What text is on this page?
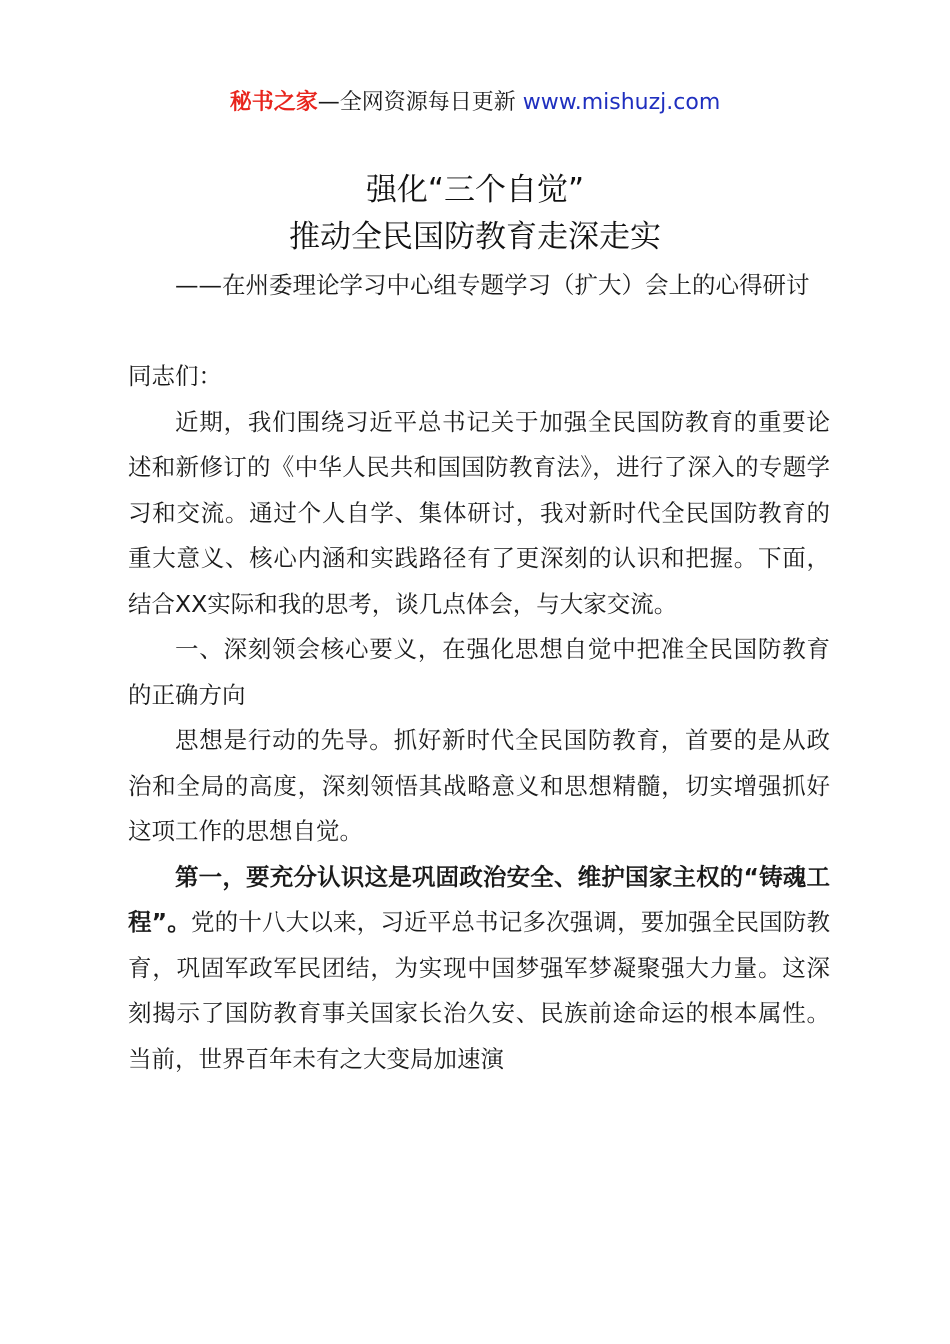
秘书之家—全网资源每日更新 www.mishuzj.com
强化“三个自觉”
推动全民国防教育走深走实

——在州委理论学习中心组专题学习（扩大）会上的心得研讨

同志们：

近期，我们围绕习近平总书记关于加强全民国防教育的重要论述和新修订的《中华人民共和国国防教育法》，进行了深入的专题学习和交流。通过个人自学、集体研讨，我对新时代全民国防教育的重大意义、核心内涵和实践路径有了更深刻的认识和把握。下面，结合XX实际和我的思考，谈几点体会，与大家交流。

一、深刻领会核心要义，在强化思想自觉中把准全民国防教育的正确方向

思想是行动的先导。抓好新时代全民国防教育，首要的是从政治和全局的高度，深刻领悟其战略意义和思想精髓，切实增强抓好这项工作的思想自觉。

第一，要充分认识这是巩固政治安全、维护国家主权的“铸魂工程”。党的十八大以来，习近平总书记多次强调，要加强全民国防教育，巩固军政军民团结，为实现中国梦强军梦凝聚强大力量。这深刻揭示了国防教育事关国家长治久安、民族前途命运的根本属性。当前，世界百年未有之大变局加速演
